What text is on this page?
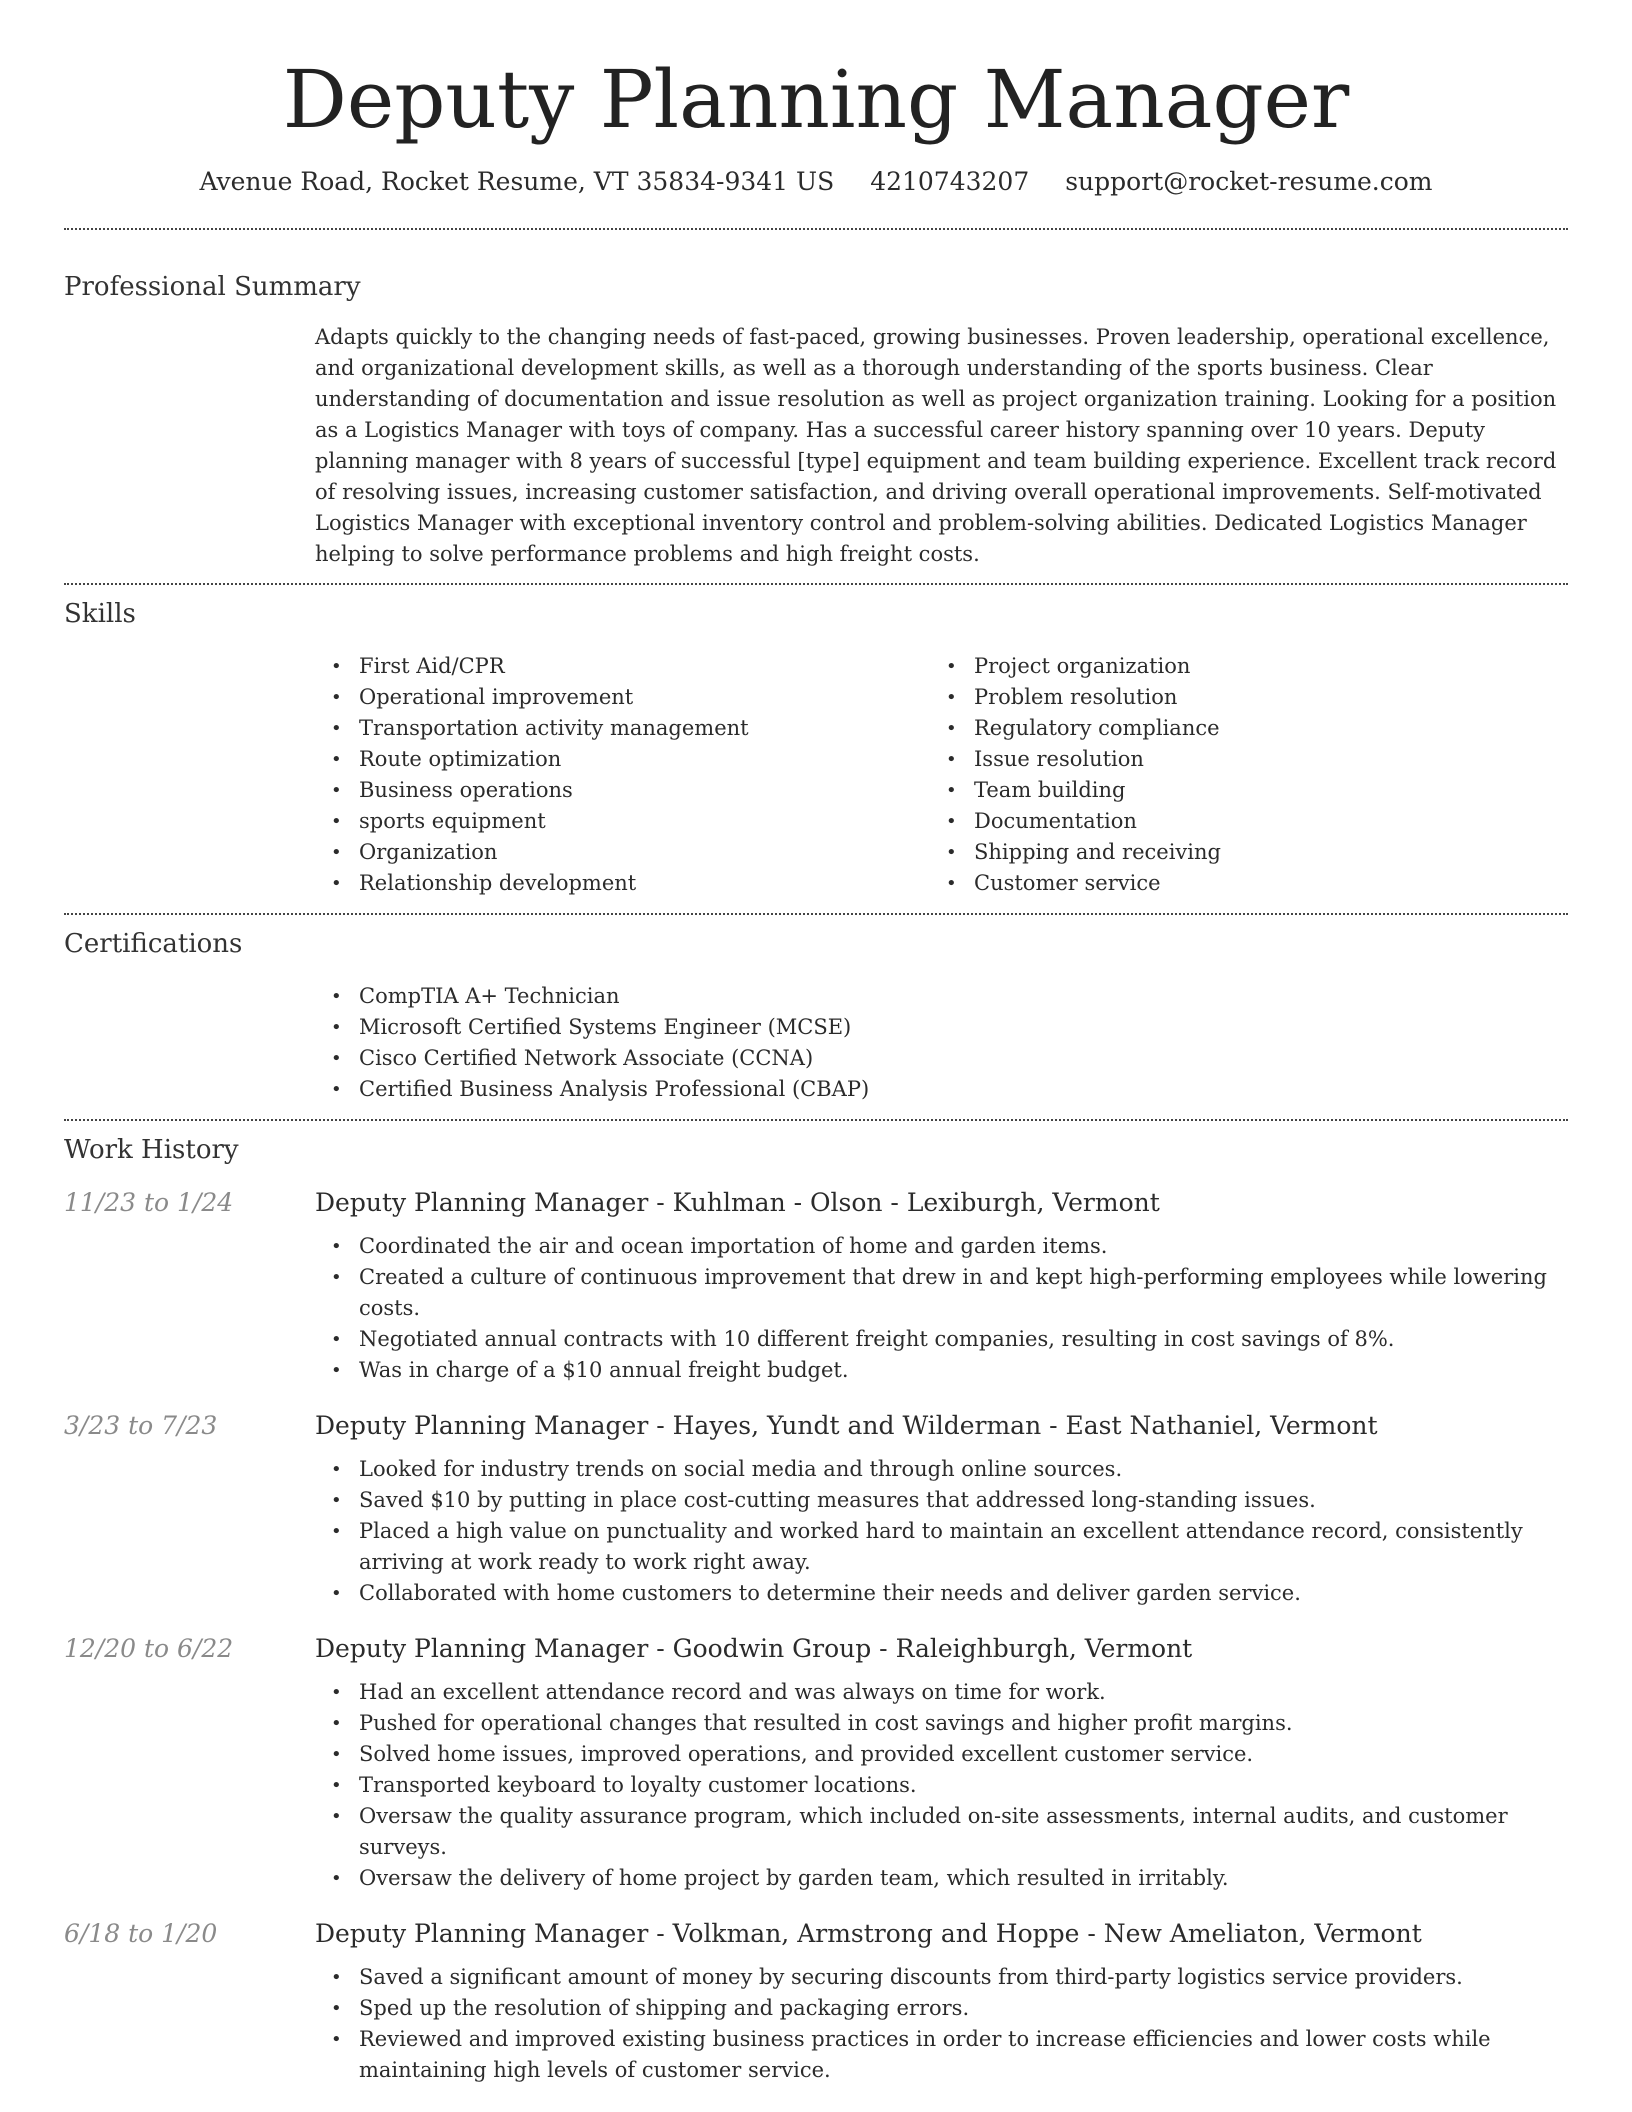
Deputy Planning Manager
Avenue Road, Rocket Resume, VT 35834-9341 US 4210743207 support@rocket-resume.com
Professional Summary
Adapts quickly to the changing needs of fast-paced, growing businesses. Proven leadership, operational excellence, and organizational development skills, as well as a thorough understanding of the sports business. Clear understanding of documentation and issue resolution as well as project organization training. Looking for a position as a Logistics Manager with toys of company. Has a successful career history spanning over 10 years. Deputy planning manager with 8 years of successful [type] equipment and team building experience. Excellent track record of resolving issues, increasing customer satisfaction, and driving overall operational improvements. Self-motivated Logistics Manager with exceptional inventory control and problem-solving abilities. Dedicated Logistics Manager helping to solve performance problems and high freight costs.
Skills
• First Aid/CPR
• Operational improvement
• Transportation activity management
• Route optimization
• Business operations
• sports equipment
• Organization
• Relationship development
• Project organization
• Problem resolution
• Regulatory compliance
• Issue resolution
• Team building
• Documentation
• Shipping and receiving
• Customer service
Certifications
• CompTIA A+ Technician
• Microsoft Certified Systems Engineer (MCSE)
• Cisco Certified Network Associate (CCNA)
• Certified Business Analysis Professional (CBAP)
Work History
11/23 to 1/24	Deputy Planning Manager - Kuhlman - Olson - Lexiburgh, Vermont
• Coordinated the air and ocean importation of home and garden items.
• Created a culture of continuous improvement that drew in and kept high-performing employees while lowering costs.
• Negotiated annual contracts with 10 different freight companies, resulting in cost savings of 8%.
• Was in charge of a $10 annual freight budget.
3/23 to 7/23	Deputy Planning Manager - Hayes, Yundt and Wilderman - East Nathaniel, Vermont
• Looked for industry trends on social media and through online sources.
• Saved $10 by putting in place cost-cutting measures that addressed long-standing issues.
• Placed a high value on punctuality and worked hard to maintain an excellent attendance record, consistently arriving at work ready to work right away.
• Collaborated with home customers to determine their needs and deliver garden service.
12/20 to 6/22	Deputy Planning Manager - Goodwin Group - Raleighburgh, Vermont
• Had an excellent attendance record and was always on time for work.
• Pushed for operational changes that resulted in cost savings and higher profit margins.
• Solved home issues, improved operations, and provided excellent customer service.
• Transported keyboard to loyalty customer locations.
• Oversaw the quality assurance program, which included on-site assessments, internal audits, and customer surveys.
• Oversaw the delivery of home project by garden team, which resulted in irritably.
6/18 to 1/20	Deputy Planning Manager - Volkman, Armstrong and Hoppe - New Ameliaton, Vermont
• Saved a significant amount of money by securing discounts from third-party logistics service providers.
• Sped up the resolution of shipping and packaging errors.
• Reviewed and improved existing business practices in order to increase efficiencies and lower costs while maintaining high levels of customer service.
